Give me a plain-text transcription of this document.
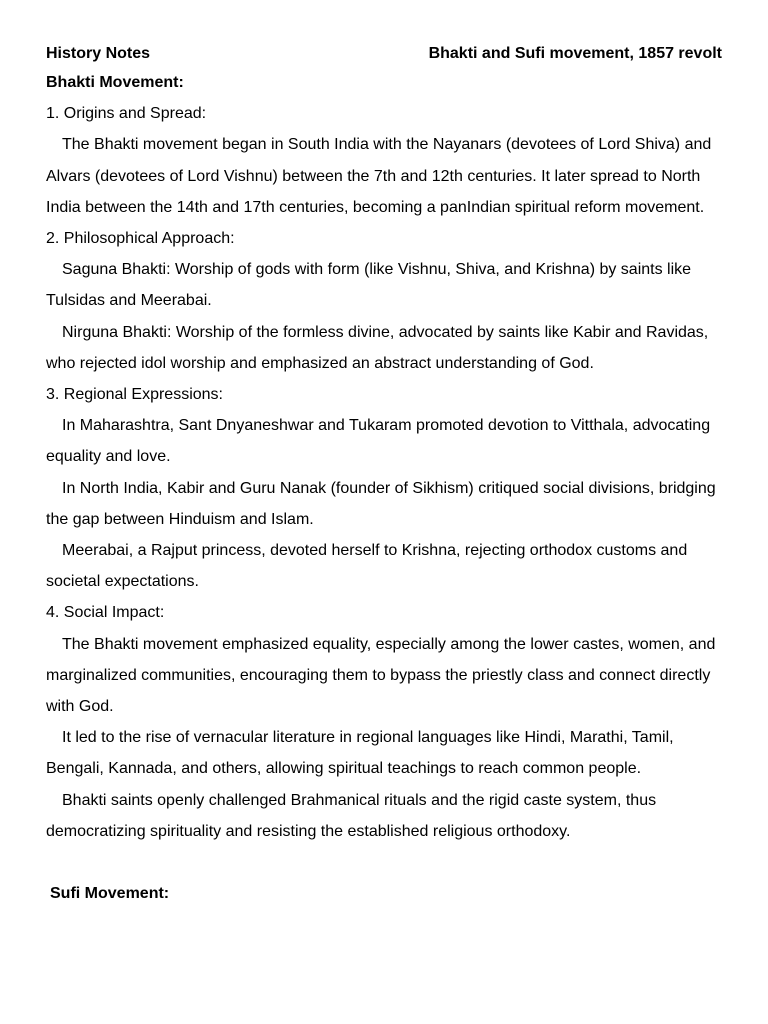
History Notes	Bhakti and Sufi movement, 1857 revolt
Bhakti Movement:

1. Origins and Spread:

The Bhakti movement began in South India with the Nayanars (devotees of Lord Shiva) and Alvars (devotees of Lord Vishnu) between the 7th and 12th centuries. It later spread to North India between the 14th and 17th centuries, becoming a panIndian spiritual reform movement.

2. Philosophical Approach:

Saguna Bhakti: Worship of gods with form (like Vishnu, Shiva, and Krishna) by saints like Tulsidas and Meerabai.

Nirguna Bhakti: Worship of the formless divine, advocated by saints like Kabir and Ravidas, who rejected idol worship and emphasized an abstract understanding of God.

3. Regional Expressions:

In Maharashtra, Sant Dnyaneshwar and Tukaram promoted devotion to Vitthala, advocating equality and love.

In North India, Kabir and Guru Nanak (founder of Sikhism) critiqued social divisions, bridging the gap between Hinduism and Islam.

Meerabai, a Rajput princess, devoted herself to Krishna, rejecting orthodox customs and societal expectations.

4. Social Impact:

The Bhakti movement emphasized equality, especially among the lower castes, women, and marginalized communities, encouraging them to bypass the priestly class and connect directly with God.

It led to the rise of vernacular literature in regional languages like Hindi, Marathi, Tamil, Bengali, Kannada, and others, allowing spiritual teachings to reach common people.

Bhakti saints openly challenged Brahmanical rituals and the rigid caste system, thus democratizing spirituality and resisting the established religious orthodoxy.

Sufi Movement:
